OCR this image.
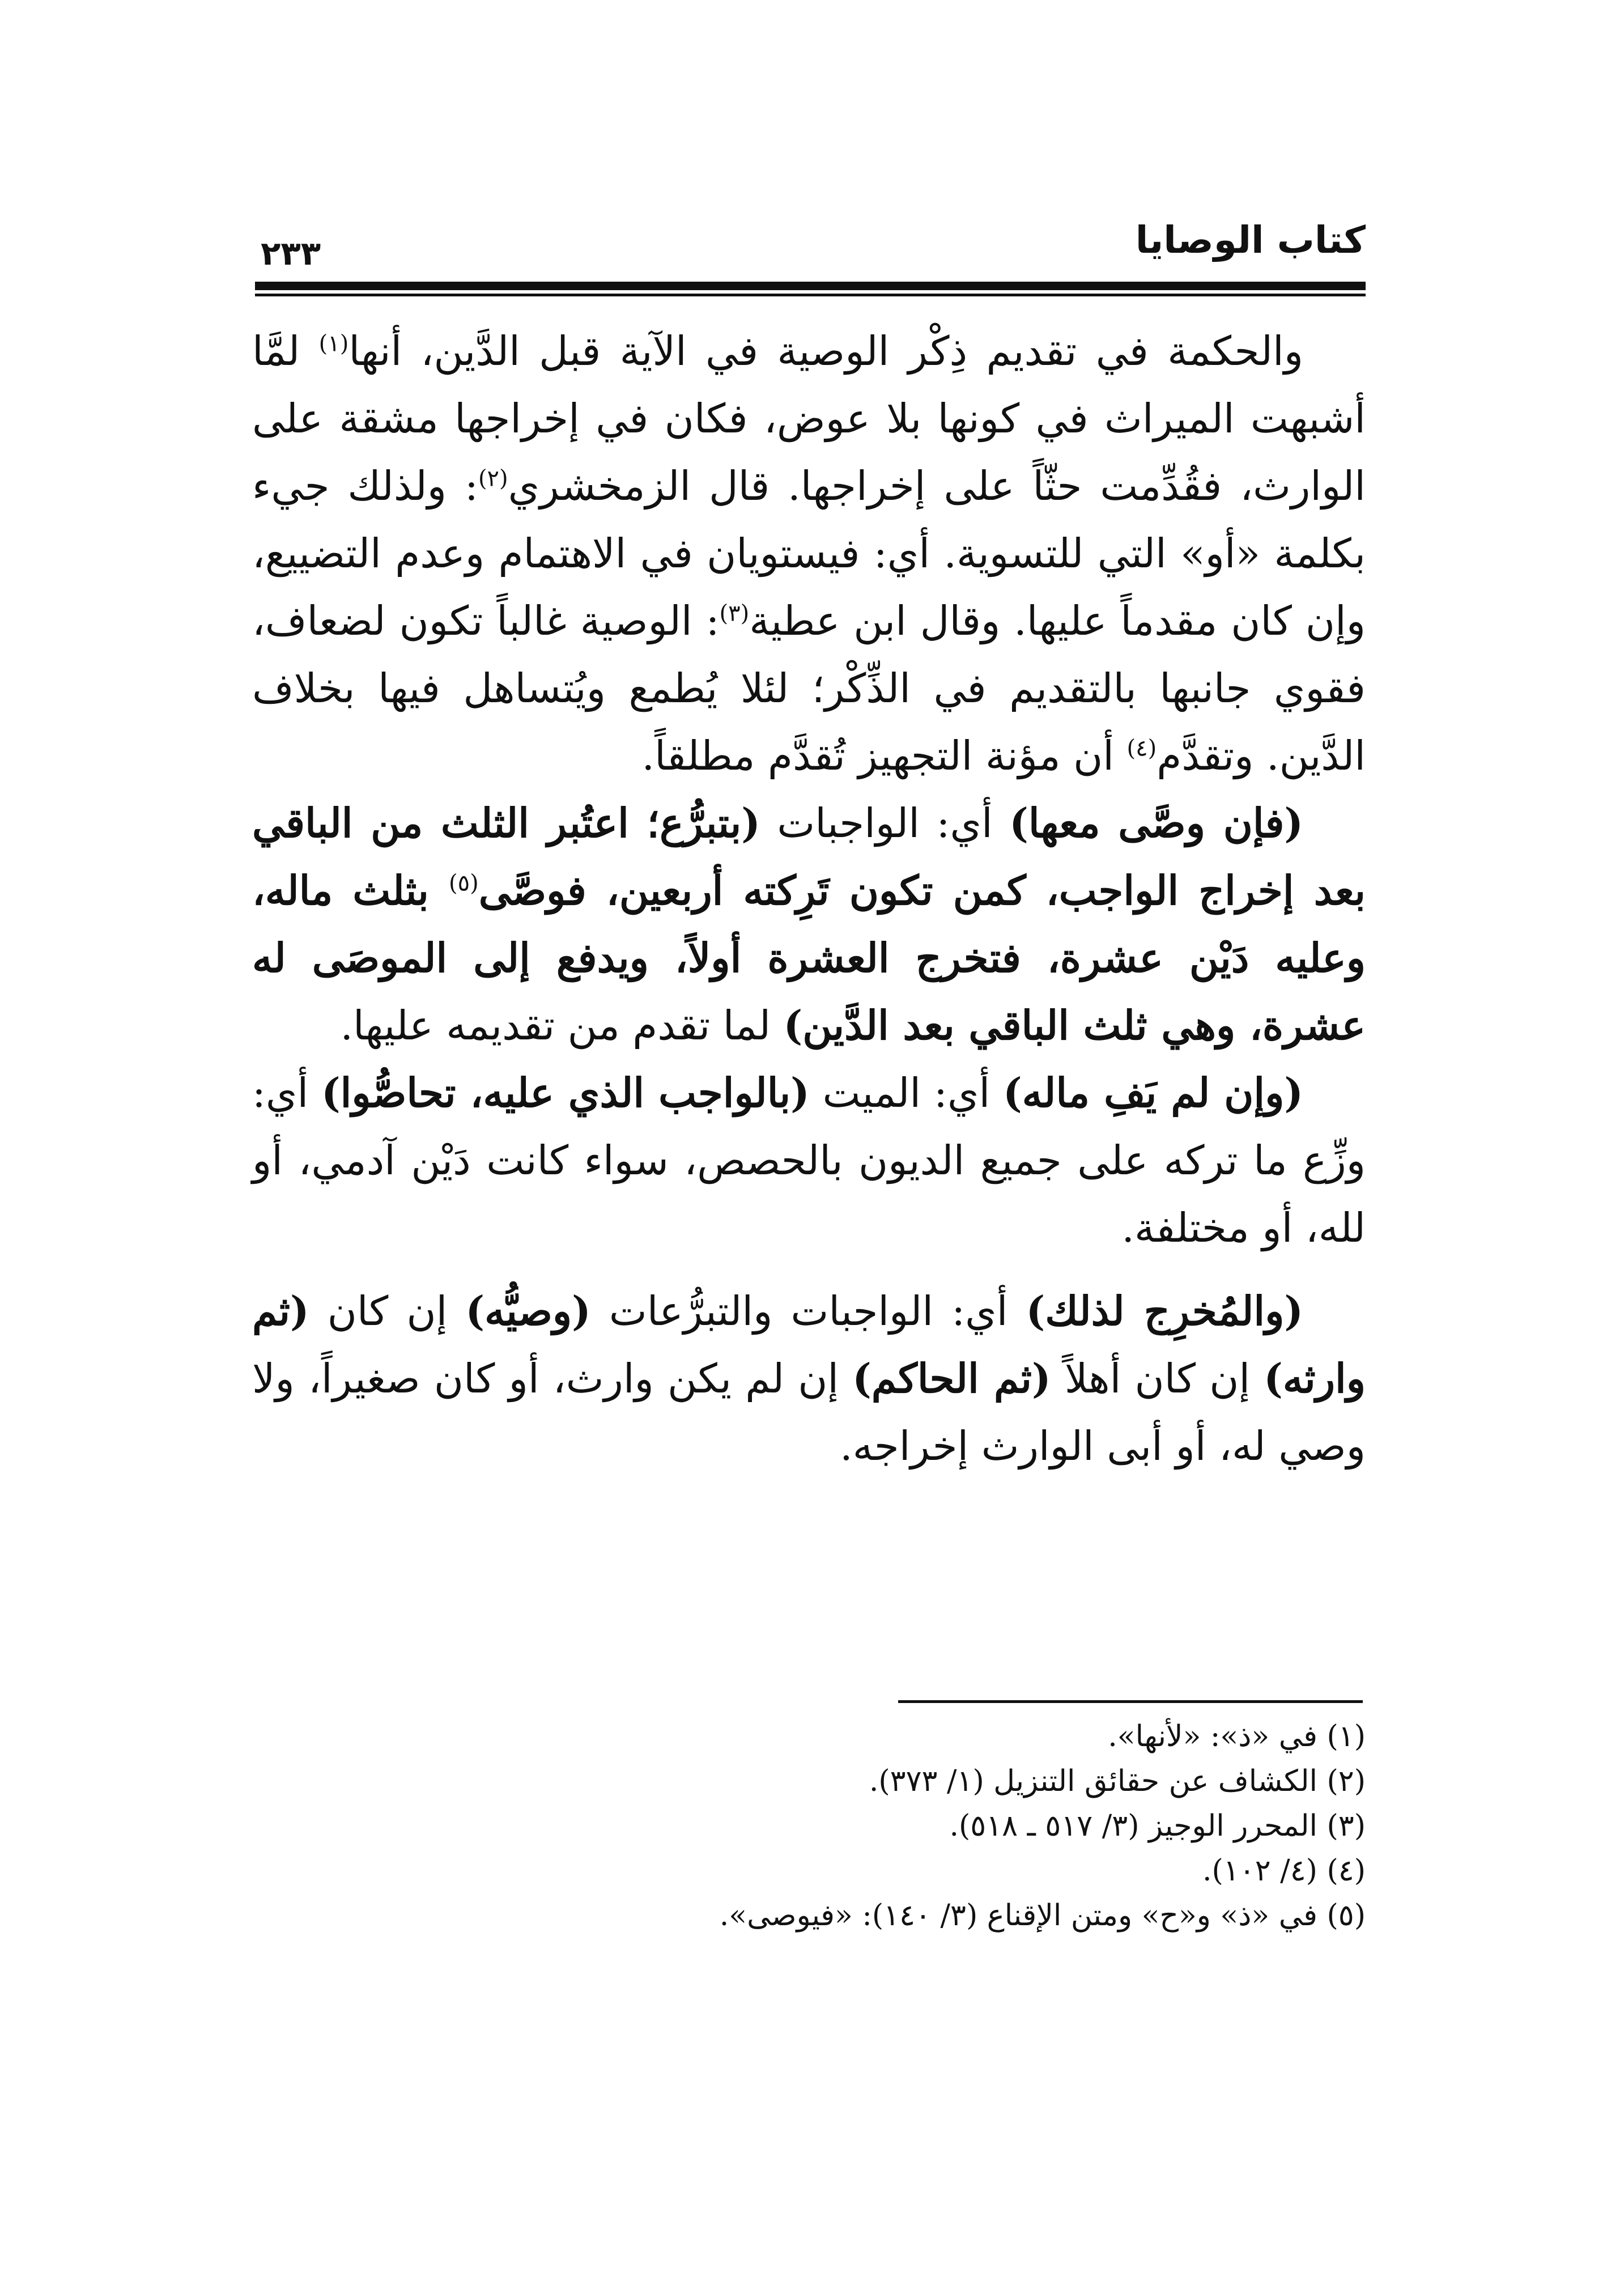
٢٣٣	كتاب الوصايا

والحكمة في تقديم ذِكْر الوصية في الآية قبل الدَّين، أنها$^{(١)}$ لمَّا أشبهت الميراث في كونها بلا عوض، فكان في إخراجها مشقة على الوارث، فقُدِّمت حثّاً على إخراجها. قال الزمخشري$^{(٢)}$: ولذلك جيء بكلمة «أو» التي للتسوية. أي: فيستويان في الاهتمام وعدم التضييع، وإن كان مقدماً عليها. وقال ابن عطية$^{(٣)}$: الوصية غالباً تكون لضعاف، فقوي جانبها بالتقديم في الذِّكْر؛ لئلا يُطمع ويُتساهل فيها بخلاف الدَّين. وتقدَّم$^{(٤)}$ أن مؤنة التجهيز تُقدَّم مطلقاً.

(فإن وصَّى معها) أي: الواجبات (بتبرُّع؛ اعتُبر الثلث من الباقي بعد إخراج الواجب، كمن تكون تَرِكته أربعين، فوصَّى$^{(٥)}$ بثلث ماله، وعليه دَيْن عشرة، فتخرج العشرة أولاً، ويدفع إلى الموصَى له عشرة، وهي ثلث الباقي بعد الدَّين) لما تقدم من تقديمه عليها.

(وإن لم يَفِ ماله) أي: الميت (بالواجب الذي عليه، تحاصُّوا) أي: وزِّع ما تركه على جميع الديون بالحصص، سواء كانت دَيْن آدمي، أو لله، أو مختلفة.

(والمُخرِج لذلك) أي: الواجبات والتبرُّعات (وصيُّه) إن كان (ثم وارثه) إن كان أهلاً (ثم الحاكم) إن لم يكن وارث، أو كان صغيراً، ولا وصي له، أو أبى الوارث إخراجه.

(١) في «ذ»: «لأنها».

(٢) الكشاف عن حقائق التنزيل (١/ ٣٧٣).

(٣) المحرر الوجيز (٣/ ٥١٧ ـ ٥١٨).

(٤) (٤/ ١٠٢).

(٥) في «ذ» و«ح» ومتن الإقناع (٣/ ١٤٠): «فيوصى».
